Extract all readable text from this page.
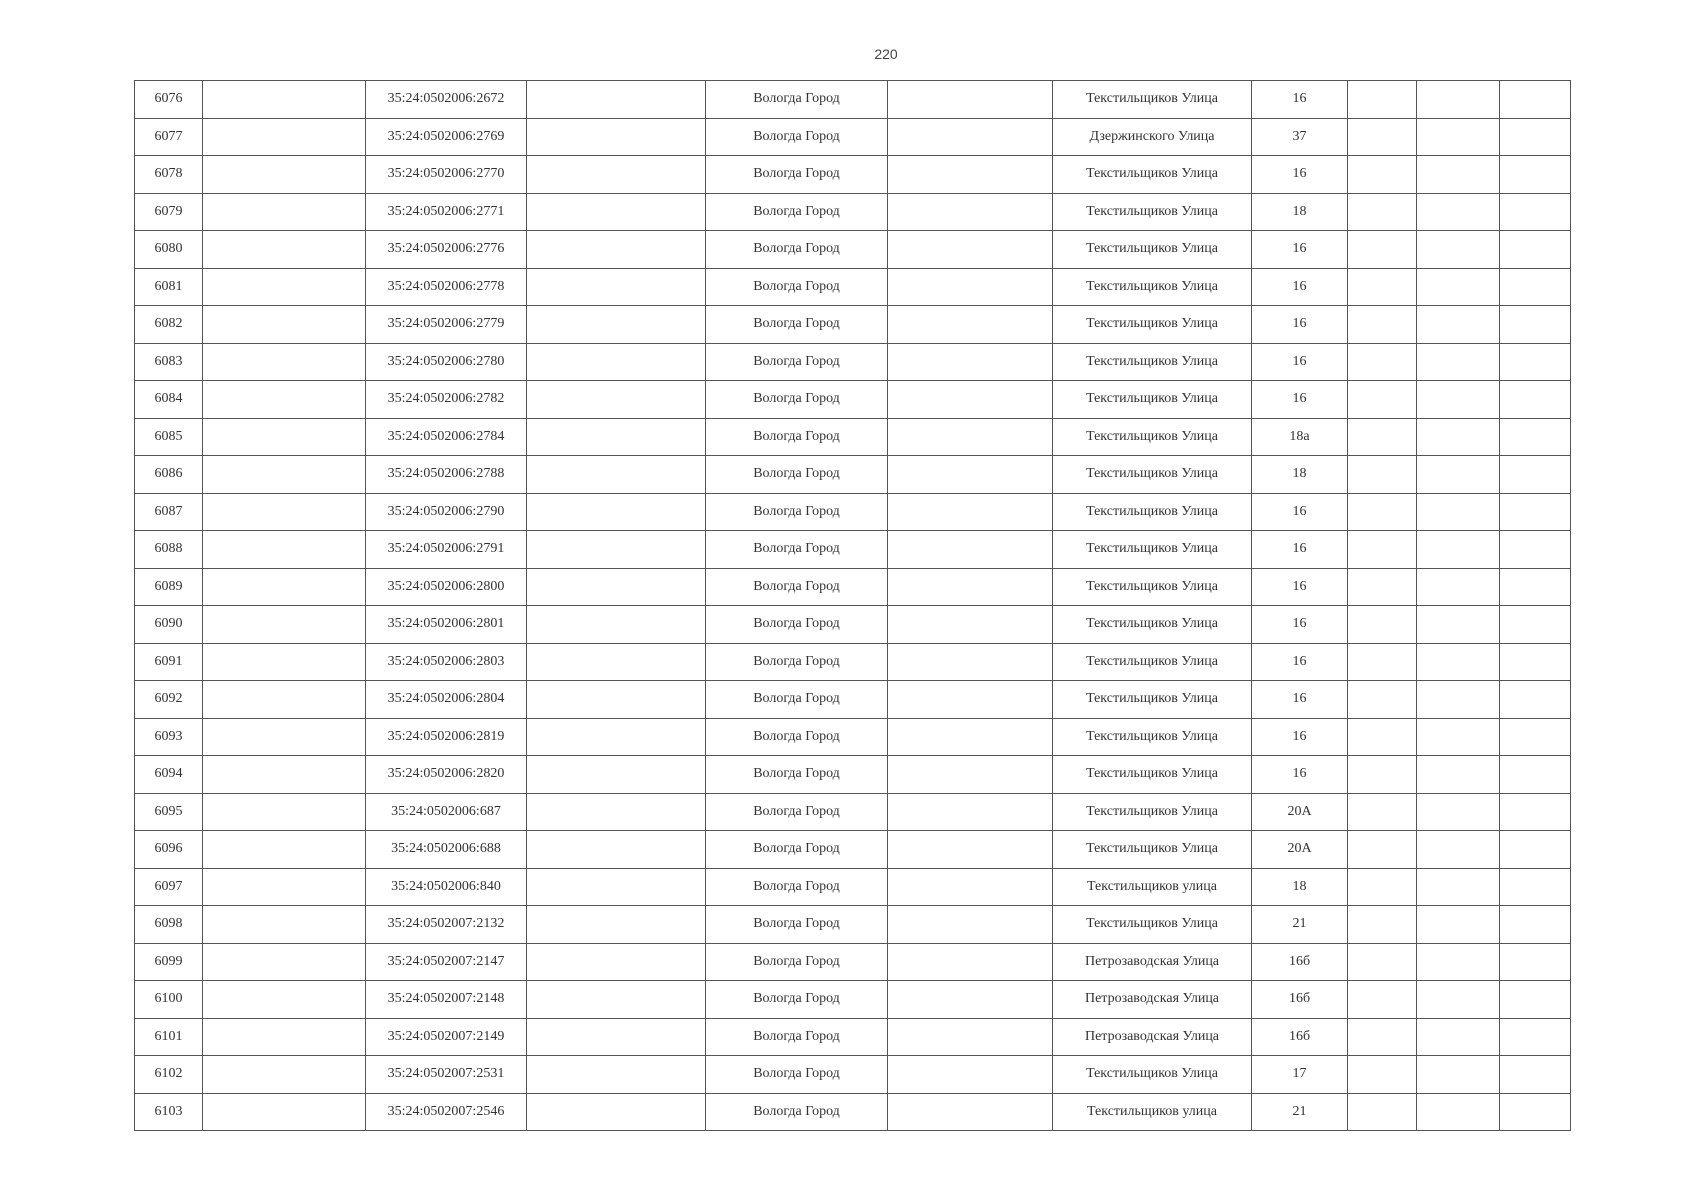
220
6076		35:24:0502006:2672		Вологда Город		Текстильщиков Улица	16			
6077		35:24:0502006:2769		Вологда Город		Дзержинского Улица	37			
6078		35:24:0502006:2770		Вологда Город		Текстильщиков Улица	16			
6079		35:24:0502006:2771		Вологда Город		Текстильщиков Улица	18			
6080		35:24:0502006:2776		Вологда Город		Текстильщиков Улица	16			
6081		35:24:0502006:2778		Вологда Город		Текстильщиков Улица	16			
6082		35:24:0502006:2779		Вологда Город		Текстильщиков Улица	16			
6083		35:24:0502006:2780		Вологда Город		Текстильщиков Улица	16			
6084		35:24:0502006:2782		Вологда Город		Текстильщиков Улица	16			
6085		35:24:0502006:2784		Вологда Город		Текстильщиков Улица	18а			
6086		35:24:0502006:2788		Вологда Город		Текстильщиков Улица	18			
6087		35:24:0502006:2790		Вологда Город		Текстильщиков Улица	16			
6088		35:24:0502006:2791		Вологда Город		Текстильщиков Улица	16			
6089		35:24:0502006:2800		Вологда Город		Текстильщиков Улица	16			
6090		35:24:0502006:2801		Вологда Город		Текстильщиков Улица	16			
6091		35:24:0502006:2803		Вологда Город		Текстильщиков Улица	16			
6092		35:24:0502006:2804		Вологда Город		Текстильщиков Улица	16			
6093		35:24:0502006:2819		Вологда Город		Текстильщиков Улица	16			
6094		35:24:0502006:2820		Вологда Город		Текстильщиков Улица	16			
6095		35:24:0502006:687		Вологда Город		Текстильщиков Улица	20А			
6096		35:24:0502006:688		Вологда Город		Текстильщиков Улица	20А			
6097		35:24:0502006:840		Вологда Город		Текстильщиков улица	18			
6098		35:24:0502007:2132		Вологда Город		Текстильщиков Улица	21			
6099		35:24:0502007:2147		Вологда Город		Петрозаводская Улица	16б			
6100		35:24:0502007:2148		Вологда Город		Петрозаводская Улица	16б			
6101		35:24:0502007:2149		Вологда Город		Петрозаводская Улица	16б			
6102		35:24:0502007:2531		Вологда Город		Текстильщиков Улица	17			
6103		35:24:0502007:2546		Вологда Город		Текстильщиков улица	21			
